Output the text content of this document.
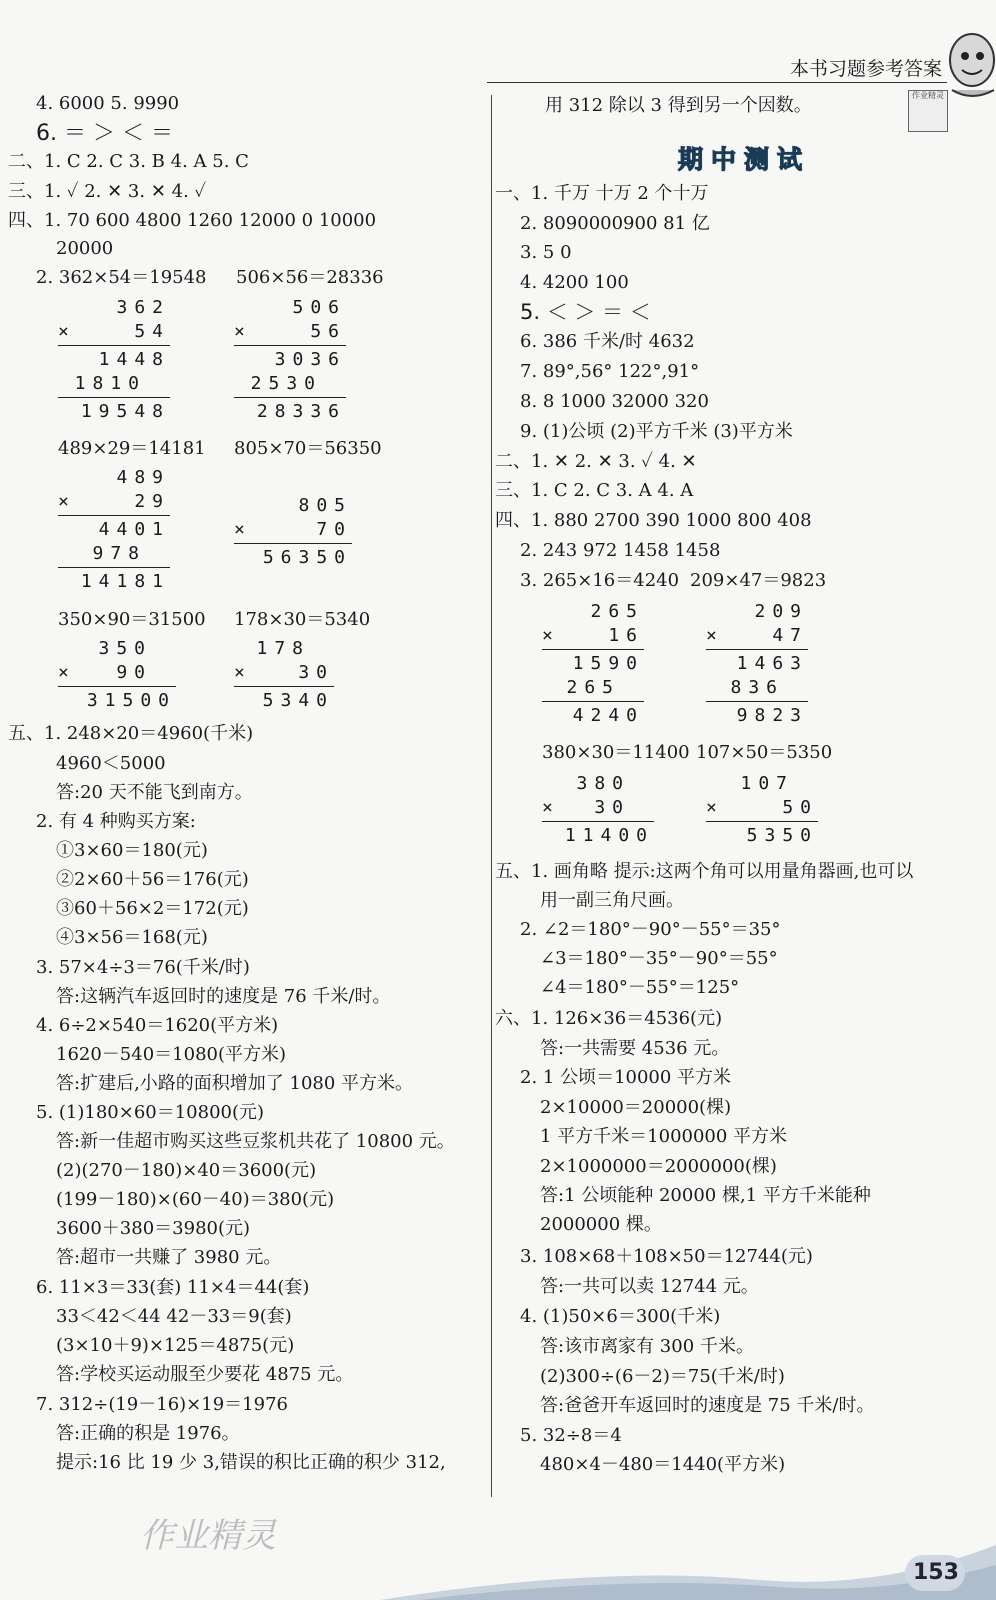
本书习题参考答案
作业精灵
4. 6000 5. 9990
6. ＝ ＞ ＜ ＝
二、1. C 2. C 3. B 4. A 5. C
三、1. ✓ 2. ✕ 3. ✕ 4. ✓
四、1. 70 600 4800 1260 12000 0 10000
20000
2. 362×54＝19548 506×56＝28336
362
×	54
1448
1810
19548
506
×	56
3036
2530
28336
489×29＝14181 805×70＝56350
489
×	29
4401
978
14181
805
×	70
56350
350×90＝31500 178×30＝5340
350
×	90
31500
178
×	30
5340
五、1. 248×20＝4960(千米)
4960＜5000
答:20 天不能飞到南方。
2. 有 4 种购买方案:
①3×60＝180(元)
②2×60＋56＝176(元)
③60＋56×2＝172(元)
④3×56＝168(元)
3. 57×4÷3＝76(千米/时)
答:这辆汽车返回时的速度是 76 千米/时。
4. 6÷2×540＝1620(平方米)
1620－540＝1080(平方米)
答:扩建后,小路的面积增加了 1080 平方米。
5. (1)180×60＝10800(元)
答:新一佳超市购买这些豆浆机共花了 10800 元。
(2)(270－180)×40＝3600(元)
(199－180)×(60－40)＝380(元)
3600＋380＝3980(元)
答:超市一共赚了 3980 元。
6. 11×3＝33(套) 11×4＝44(套)
33＜42＜44 42－33＝9(套)
(3×10＋9)×125＝4875(元)
答:学校买运动服至少要花 4875 元。
7. 312÷(19－16)×19＝1976
答:正确的积是 1976。
提示:16 比 19 少 3,错误的积比正确的积少 312,
用 312 除以 3 得到另一个因数。
期中测试
一、1. 千万 十万 2 个十万
2. 8090000900 81 亿
3. 5 0
4. 4200 100
5. ＜ ＞ ＝ ＜
6. 386 千米/时 4632
7. 89°,56° 122°,91°
8. 8 1000 32000 320
9. (1)公顷 (2)平方千米 (3)平方米
二、1. ✕ 2. ✕ 3. ✓ 4. ✕
三、1. C 2. C 3. A 4. A
四、1. 880 2700 390 1000 800 408
2. 243 972 1458 1458
3. 265×16＝4240 209×47＝9823
265
×	16
1590
265
4240
209
×	47
1463
836
9823
380×30＝11400 107×50＝5350
380
× 30
11400
107
×	50
5350
五、1. 画角略 提示:这两个角可以用量角器画,也可以
用一副三角尺画。
2. ∠2＝180°－90°－55°＝35°
∠3＝180°－35°－90°＝55°
∠4＝180°－55°＝125°
六、1. 126×36＝4536(元)
答:一共需要 4536 元。
2. 1 公顷＝10000 平方米
2×10000＝20000(棵)
1 平方千米＝1000000 平方米
2×1000000＝2000000(棵)
答:1 公顷能种 20000 棵,1 平方千米能种
2000000 棵。
3. 108×68＋108×50＝12744(元)
答:一共可以卖 12744 元。
4. (1)50×6＝300(千米)
答:该市离家有 300 千米。
(2)300÷(6－2)＝75(千米/时)
答:爸爸开车返回时的速度是 75 千米/时。
5. 32÷8＝4
480×4－480＝1440(平方米)
作业精灵
153
